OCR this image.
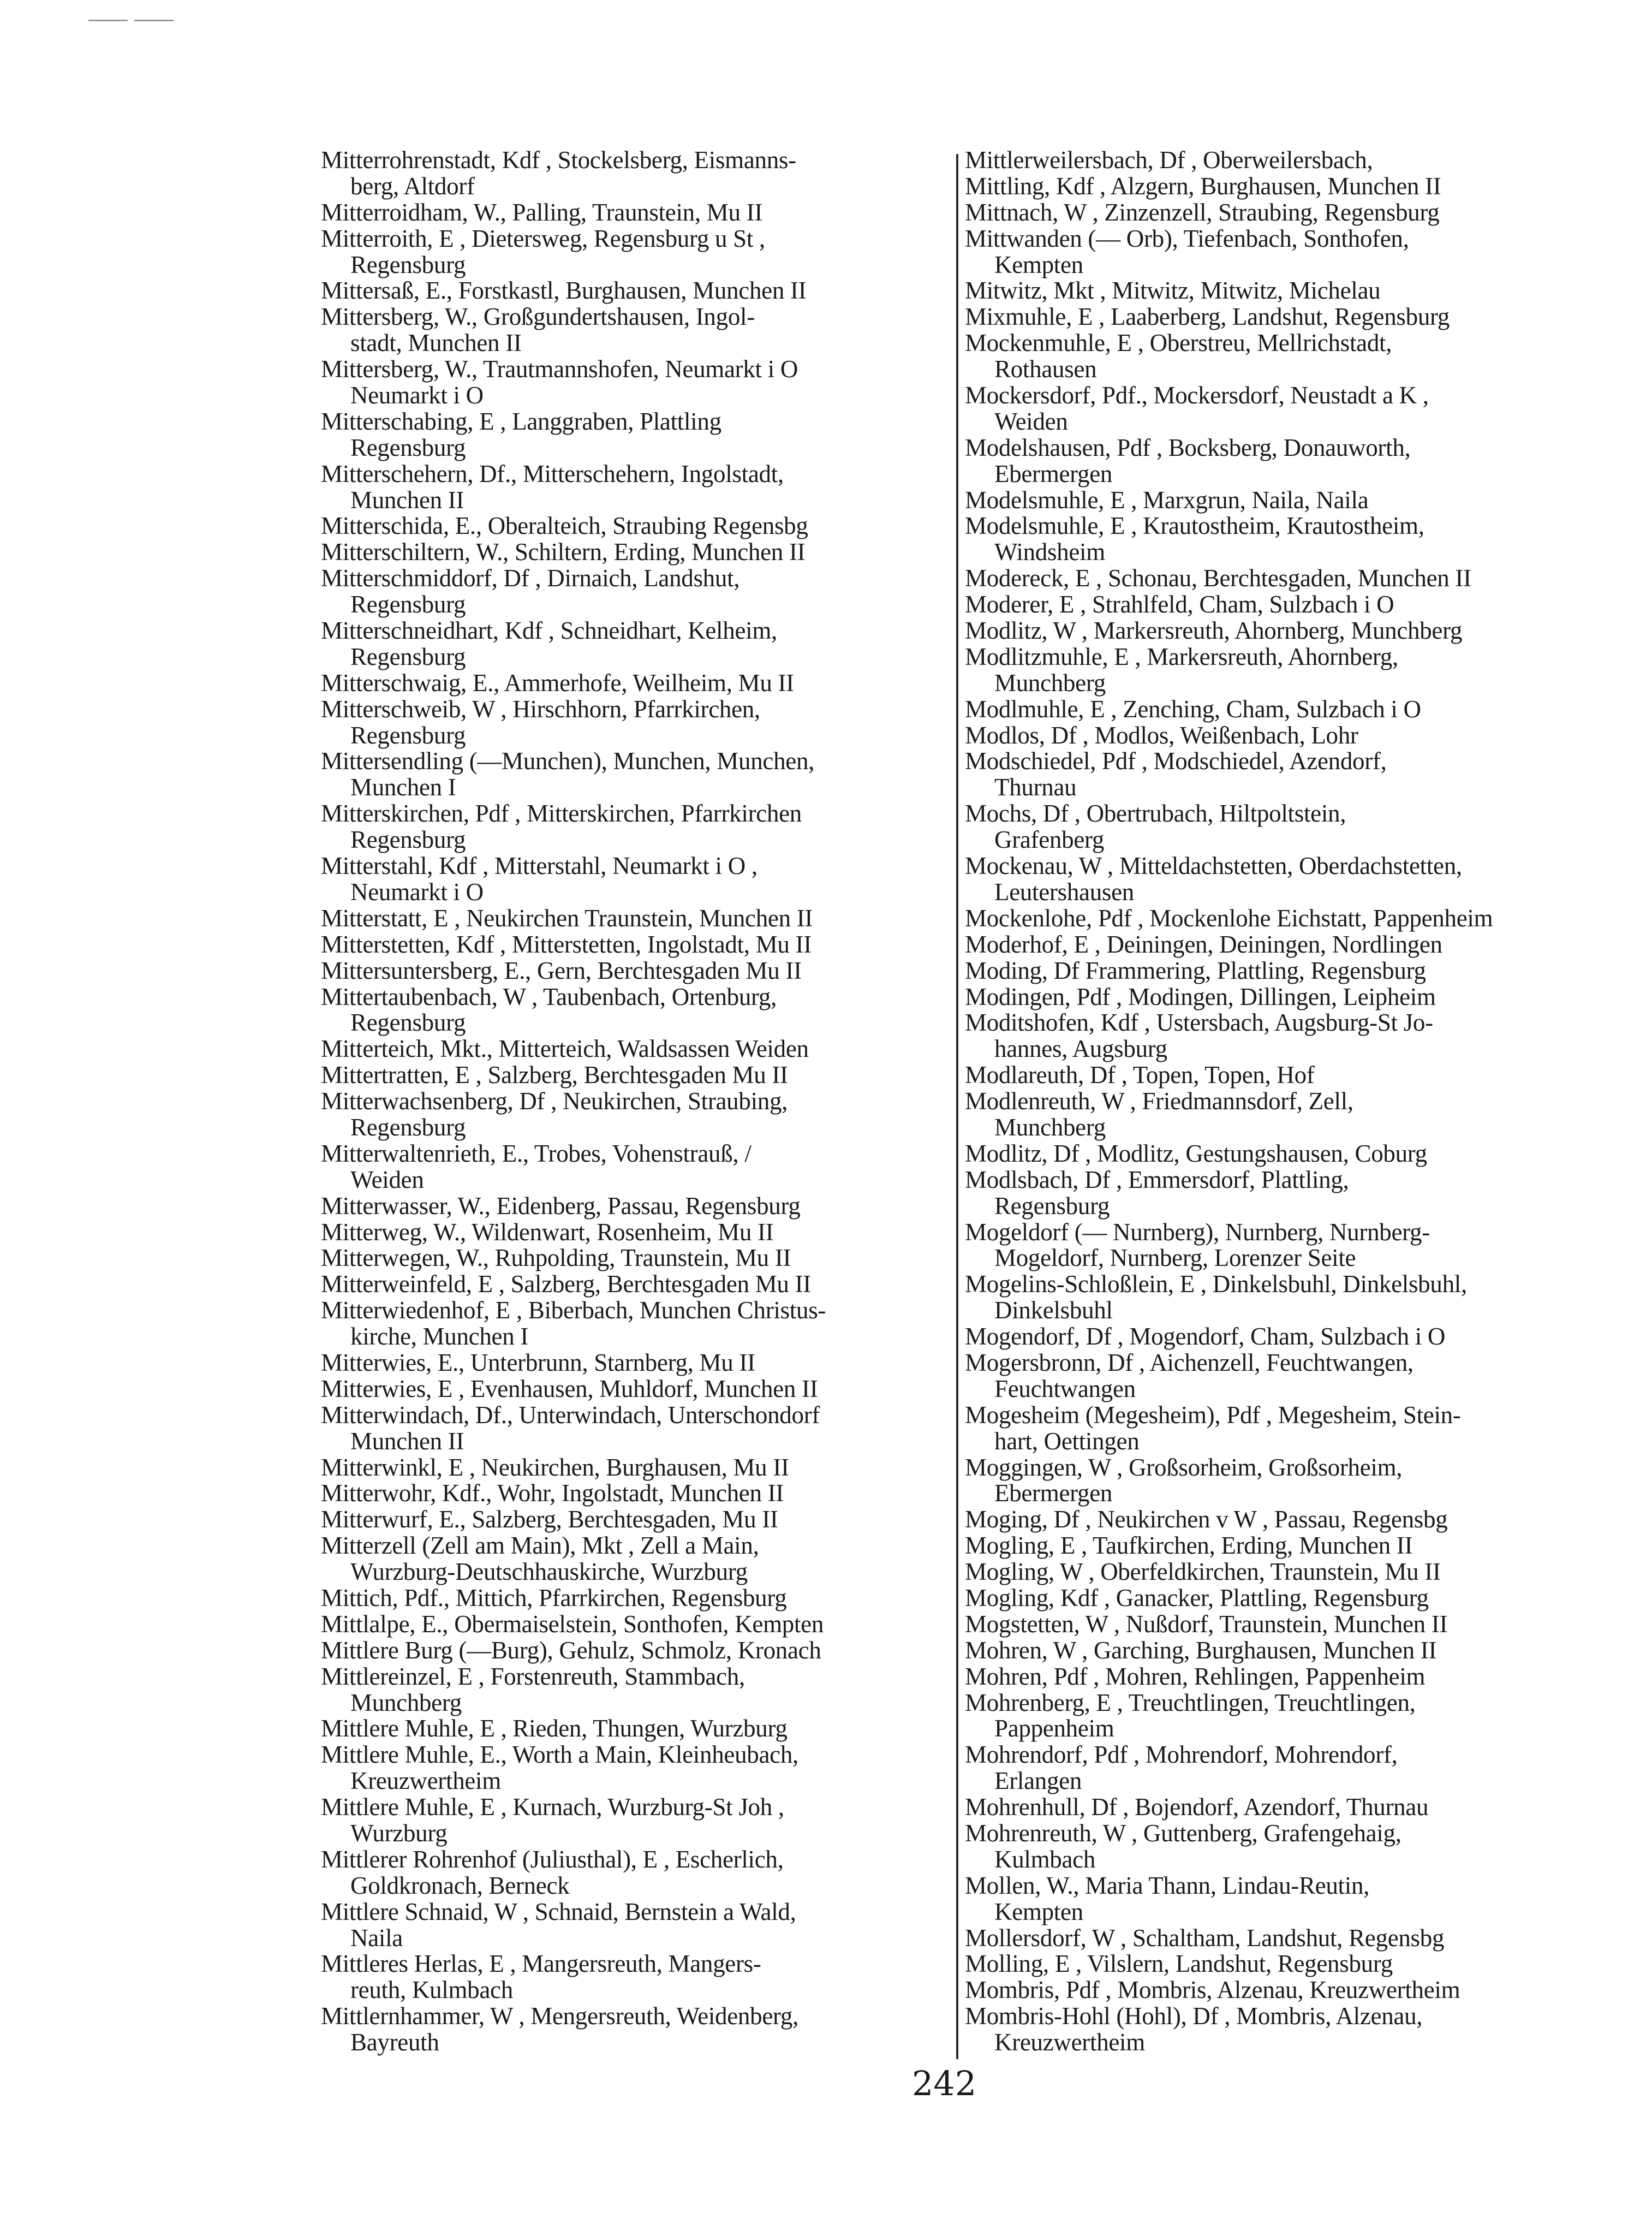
Mitterrohrenstadt, Kdf , Stockelsberg, Eismanns-
berg, Altdorf
Mitterroidham, W., Palling, Traunstein, Mu II
Mitterroith, E , Dietersweg, Regensburg u St ,
Regensburg
Mittersaß, E., Forstkastl, Burghausen, Munchen II
Mittersberg, W., Großgundertshausen, Ingol-
stadt, Munchen II
Mittersberg, W., Trautmannshofen, Neumarkt i O
Neumarkt i O
Mitterschabing, E , Langgraben, Plattling
Regensburg
Mitterschehern, Df., Mitterschehern, Ingolstadt,
Munchen II
Mitterschida, E., Oberalteich, Straubing Regensbg
Mitterschiltern, W., Schiltern, Erding, Munchen II
Mitterschmiddorf, Df , Dirnaich, Landshut,
Regensburg
Mitterschneidhart, Kdf , Schneidhart, Kelheim,
Regensburg
Mitterschwaig, E., Ammerhofe, Weilheim, Mu II
Mitterschweib, W , Hirschhorn, Pfarrkirchen,
Regensburg
Mittersendling (—Munchen), Munchen, Munchen,
Munchen I
Mitterskirchen, Pdf , Mitterskirchen, Pfarrkirchen
Regensburg
Mitterstahl, Kdf , Mitterstahl, Neumarkt i O ,
Neumarkt i O
Mitterstatt, E , Neukirchen Traunstein, Munchen II
Mitterstetten, Kdf , Mitterstetten, Ingolstadt, Mu II
Mittersuntersberg, E., Gern, Berchtesgaden Mu II
Mittertaubenbach, W , Taubenbach, Ortenburg,
Regensburg
Mitterteich, Mkt., Mitterteich, Waldsassen Weiden
Mittertratten, E , Salzberg, Berchtesgaden Mu II
Mitterwachsenberg, Df , Neukirchen, Straubing,
Regensburg
Mitterwaltenrieth, E., Trobes, Vohenstrauß, /
Weiden
Mitterwasser, W., Eidenberg, Passau, Regensburg
Mitterweg, W., Wildenwart, Rosenheim, Mu II
Mitterwegen, W., Ruhpolding, Traunstein, Mu II
Mitterweinfeld, E , Salzberg, Berchtesgaden Mu II
Mitterwiedenhof, E , Biberbach, Munchen Christus-
kirche, Munchen I
Mitterwies, E., Unterbrunn, Starnberg, Mu II
Mitterwies, E , Evenhausen, Muhldorf, Munchen II
Mitterwindach, Df., Unterwindach, Unterschondorf
Munchen II
Mitterwinkl, E , Neukirchen, Burghausen, Mu II
Mitterwohr, Kdf., Wohr, Ingolstadt, Munchen II
Mitterwurf, E., Salzberg, Berchtesgaden, Mu II
Mitterzell (Zell am Main), Mkt , Zell a Main,
Wurzburg-Deutschhauskirche, Wurzburg
Mittich, Pdf., Mittich, Pfarrkirchen, Regensburg
Mittlalpe, E., Obermaiselstein, Sonthofen, Kempten
Mittlere Burg (—Burg), Gehulz, Schmolz, Kronach
Mittlereinzel, E , Forstenreuth, Stammbach,
Munchberg
Mittlere Muhle, E , Rieden, Thungen, Wurzburg
Mittlere Muhle, E., Worth a Main, Kleinheubach,
Kreuzwertheim
Mittlere Muhle, E , Kurnach, Wurzburg-St Joh ,
Wurzburg
Mittlerer Rohrenhof (Juliusthal), E , Escherlich,
Goldkronach, Berneck
Mittlere Schnaid, W , Schnaid, Bernstein a Wald,
Naila
Mittleres Herlas, E , Mangersreuth, Mangers-
reuth, Kulmbach
Mittlernhammer, W , Mengersreuth, Weidenberg,
Bayreuth
Mittlerweilersbach, Df , Oberweilersbach,
Mittling, Kdf , Alzgern, Burghausen, Munchen II
Mittnach, W , Zinzenzell, Straubing, Regensburg
Mittwanden (— Orb), Tiefenbach, Sonthofen,
Kempten
Mitwitz, Mkt , Mitwitz, Mitwitz, Michelau
Mixmuhle, E , Laaberberg, Landshut, Regensburg
Mockenmuhle, E , Oberstreu, Mellrichstadt,
Rothausen
Mockersdorf, Pdf., Mockersdorf, Neustadt a K ,
Weiden
Modelshausen, Pdf , Bocksberg, Donauworth,
Ebermergen
Modelsmuhle, E , Marxgrun, Naila, Naila
Modelsmuhle, E , Krautostheim, Krautostheim,
Windsheim
Modereck, E , Schonau, Berchtesgaden, Munchen II
Moderer, E , Strahlfeld, Cham, Sulzbach i O
Modlitz, W , Markersreuth, Ahornberg, Munchberg
Modlitzmuhle, E , Markersreuth, Ahornberg,
Munchberg
Modlmuhle, E , Zenching, Cham, Sulzbach i O
Modlos, Df , Modlos, Weißenbach, Lohr
Modschiedel, Pdf , Modschiedel, Azendorf,
Thurnau
Mochs, Df , Obertrubach, Hiltpoltstein,
Grafenberg
Mockenau, W , Mitteldachstetten, Oberdachstetten,
Leutershausen
Mockenlohe, Pdf , Mockenlohe Eichstatt, Pappenheim
Moderhof, E , Deiningen, Deiningen, Nordlingen
Moding, Df Frammering, Plattling, Regensburg
Modingen, Pdf , Modingen, Dillingen, Leipheim
Moditshofen, Kdf , Ustersbach, Augsburg-St Jo-
hannes, Augsburg
Modlareuth, Df , Topen, Topen, Hof
Modlenreuth, W , Friedmannsdorf, Zell,
Munchberg
Modlitz, Df , Modlitz, Gestungshausen, Coburg
Modlsbach, Df , Emmersdorf, Plattling,
Regensburg
Mogeldorf (— Nurnberg), Nurnberg, Nurnberg-
Mogeldorf, Nurnberg, Lorenzer Seite
Mogelins-Schloßlein, E , Dinkelsbuhl, Dinkelsbuhl,
Dinkelsbuhl
Mogendorf, Df , Mogendorf, Cham, Sulzbach i O
Mogersbronn, Df , Aichenzell, Feuchtwangen,
Feuchtwangen
Mogesheim (Megesheim), Pdf , Megesheim, Stein-
hart, Oettingen
Moggingen, W , Großsorheim, Großsorheim,
Ebermergen
Moging, Df , Neukirchen v W , Passau, Regensbg
Mogling, E , Taufkirchen, Erding, Munchen II
Mogling, W , Oberfeldkirchen, Traunstein, Mu II
Mogling, Kdf , Ganacker, Plattling, Regensburg
Mogstetten, W , Nußdorf, Traunstein, Munchen II
Mohren, W , Garching, Burghausen, Munchen II
Mohren, Pdf , Mohren, Rehlingen, Pappenheim
Mohrenberg, E , Treuchtlingen, Treuchtlingen,
Pappenheim
Mohrendorf, Pdf , Mohrendorf, Mohrendorf,
Erlangen
Mohrenhull, Df , Bojendorf, Azendorf, Thurnau
Mohrenreuth, W , Guttenberg, Grafengehaig,
Kulmbach
Mollen, W., Maria Thann, Lindau-Reutin,
Kempten
Mollersdorf, W , Schaltham, Landshut, Regensbg
Molling, E , Vilslern, Landshut, Regensburg
Mombris, Pdf , Mombris, Alzenau, Kreuzwertheim
Mombris-Hohl (Hohl), Df , Mombris, Alzenau,
Kreuzwertheim
242
